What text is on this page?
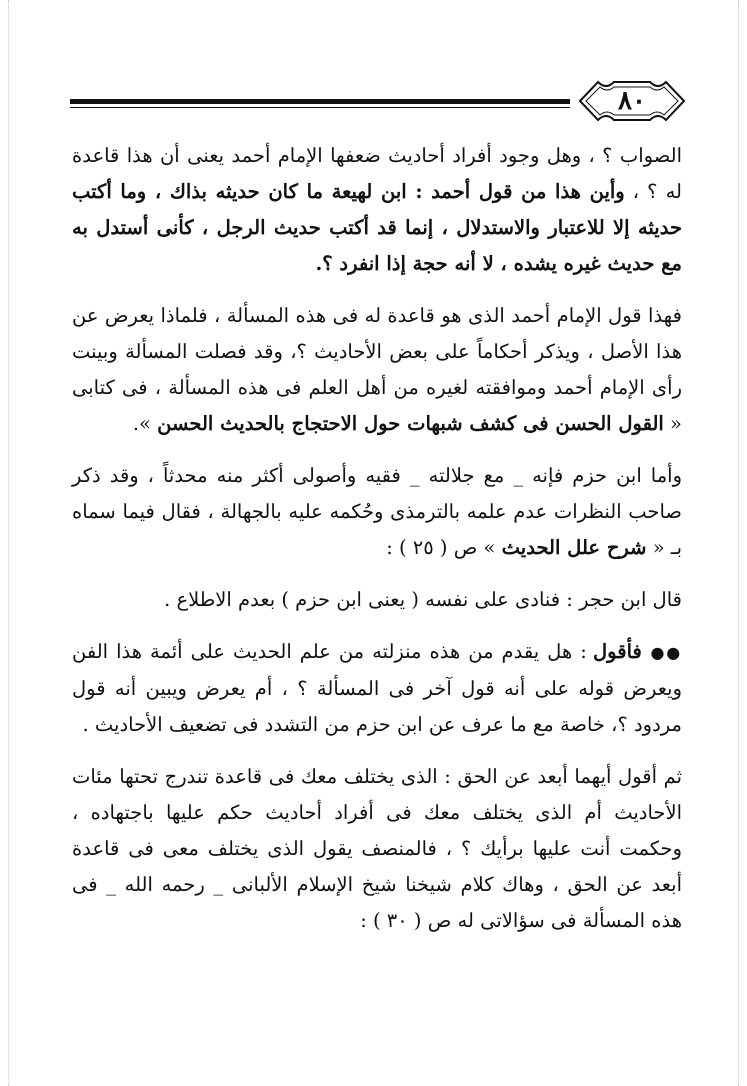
٨٠

الصواب ؟ ، وهل وجود أفراد أحاديث ضعفها الإمام أحمد يعنى أن هذا قاعدة له ؟ ، وأين هذا من قول أحمد : ابن لهيعة ما كان حديثه بذاك ، وما أكتب حديثه إلا للاعتبار والاستدلال ، إنما قد أكتب حديث الرجل ، كأنى أستدل به مع حديث غيره يشده ، لا أنه حجة إذا انفرد ؟.

فهذا قول الإمام أحمد الذى هو قاعدة له فى هذه المسألة ، فلماذا يعرض عن هذا الأصل ، ويذكر أحكاماً على بعض الأحاديث ؟، وقد فصلت المسألة وبينت رأى الإمام أحمد وموافقته لغيره من أهل العلم فى هذه المسألة ، فى كتابى « القول الحسن فى كشف شبهات حول الاحتجاج بالحديث الحسن ».

وأما ابن حزم فإنه _ مع جلالته _ فقيه وأصولى أكثر منه محدثاً ، وقد ذكر صاحب النظرات عدم علمه بالترمذى وحُكمه عليه بالجهالة ، فقال فيما سماه بـ « شرح علل الحديث » ص ( ٢٥ ) :

قال ابن حجر : فنادى على نفسه ( يعنى ابن حزم ) بعدم الاطلاع .

●● فأقول : هل يقدم من هذه منزلته من علم الحديث على أئمة هذا الفن ويعرض قوله على أنه قول آخر فى المسألة ؟ ، أم يعرض ويبين أنه قول مردود ؟، خاصة مع ما عرف عن ابن حزم من التشدد فى تضعيف الأحاديث .

ثم أقول أيهما أبعد عن الحق : الذى يختلف معك فى قاعدة تندرج تحتها مئات الأحاديث أم الذى يختلف معك فى أفراد أحاديث حكم عليها باجتهاده ، وحكمت أنت عليها برأيك ؟ ، فالمنصف يقول الذى يختلف معى فى قاعدة أبعد عن الحق ، وهاك كلام شيخنا شيخ الإسلام الألبانى _ رحمه الله _ فى هذه المسألة فى سؤالاتى له ص ( ٣٠ ) :
